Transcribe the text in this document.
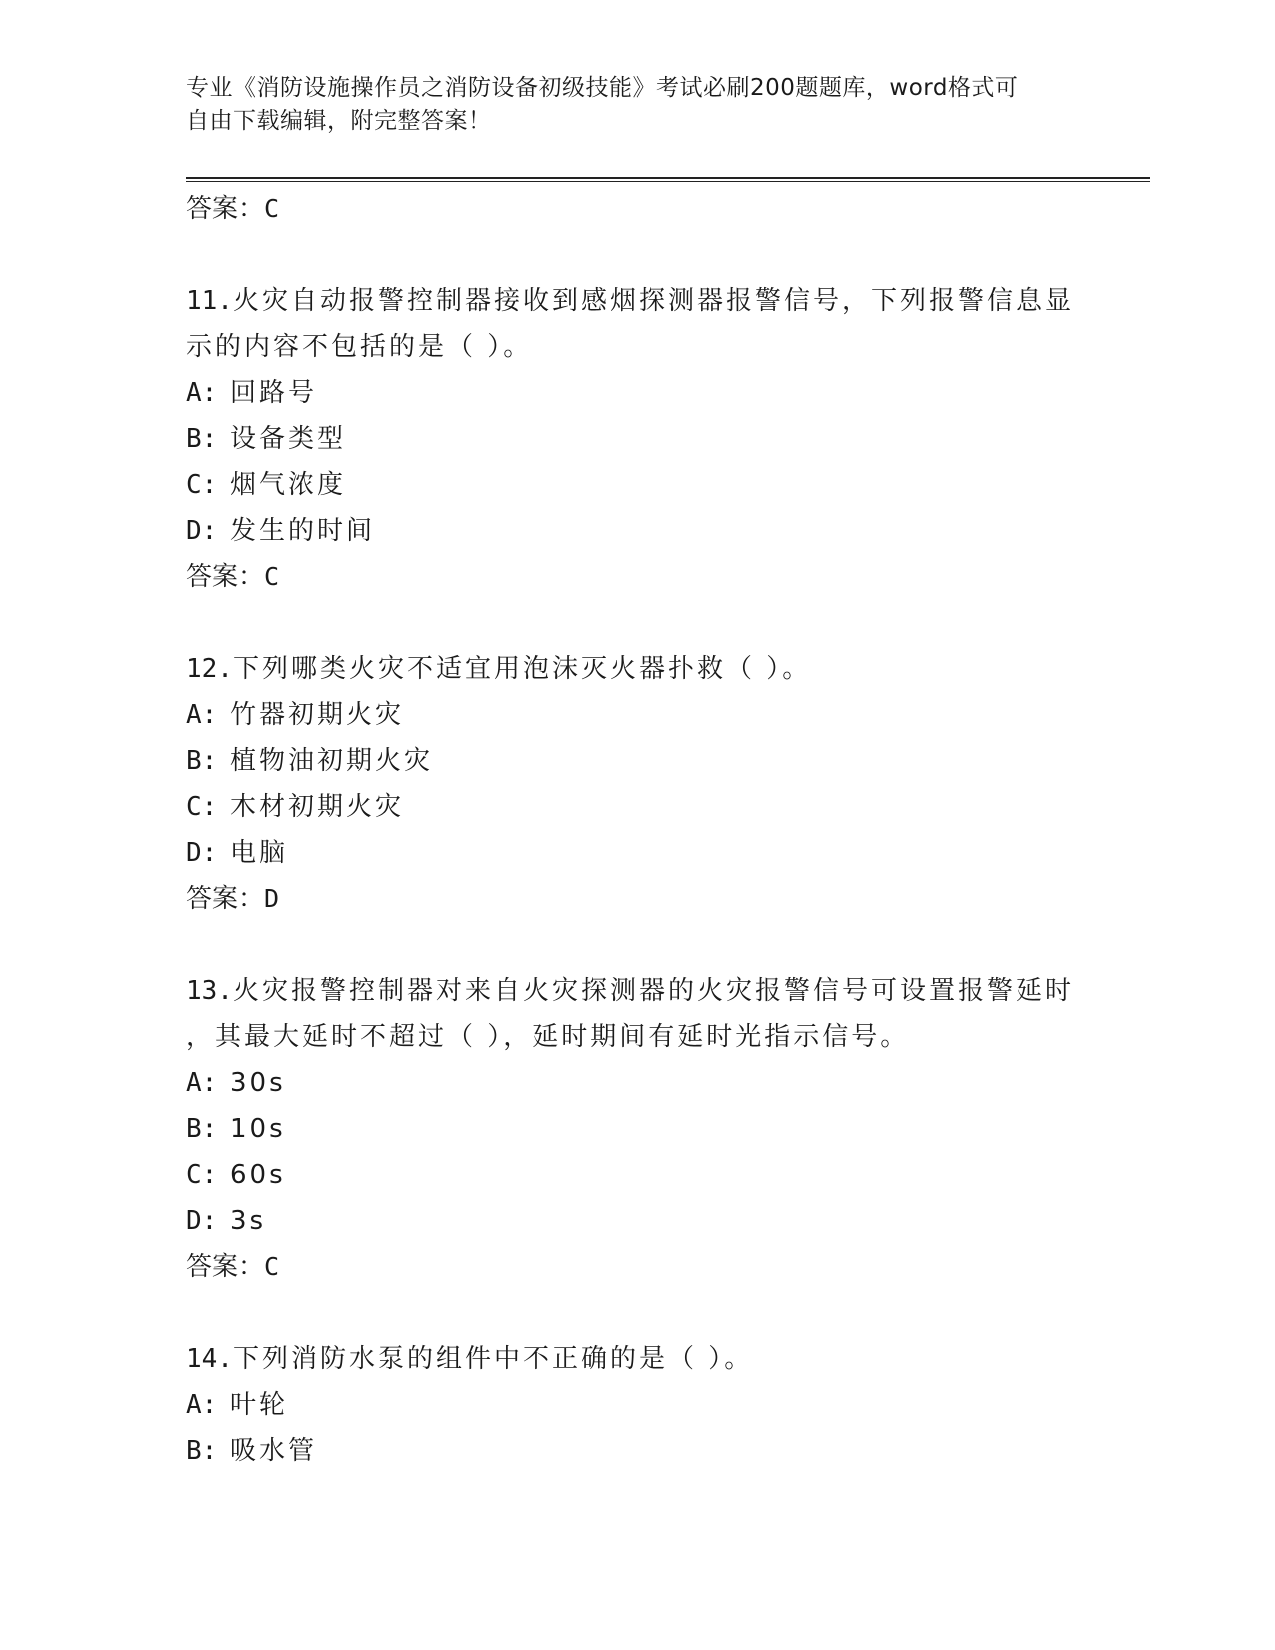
专业《消防设施操作员之消防设备初级技能》考试必刷200题题库，word格式可
自由下载编辑，附完整答案！
答案：C
11.火灾自动报警控制器接收到感烟探测器报警信号，下列报警信息显
示的内容不包括的是（ ）。
A: 回路号
B: 设备类型
C: 烟气浓度
D: 发生的时间
答案：C
12.下列哪类火灾不适宜用泡沫灭火器扑救（ ）。
A: 竹器初期火灾
B: 植物油初期火灾
C: 木材初期火灾
D: 电脑
答案：D
13.火灾报警控制器对来自火灾探测器的火灾报警信号可设置报警延时
，其最大延时不超过（ ），延时期间有延时光指示信号。
A: 30s
B: 10s
C: 60s
D: 3s
答案：C
14.下列消防水泵的组件中不正确的是（ ）。
A: 叶轮
B: 吸水管
